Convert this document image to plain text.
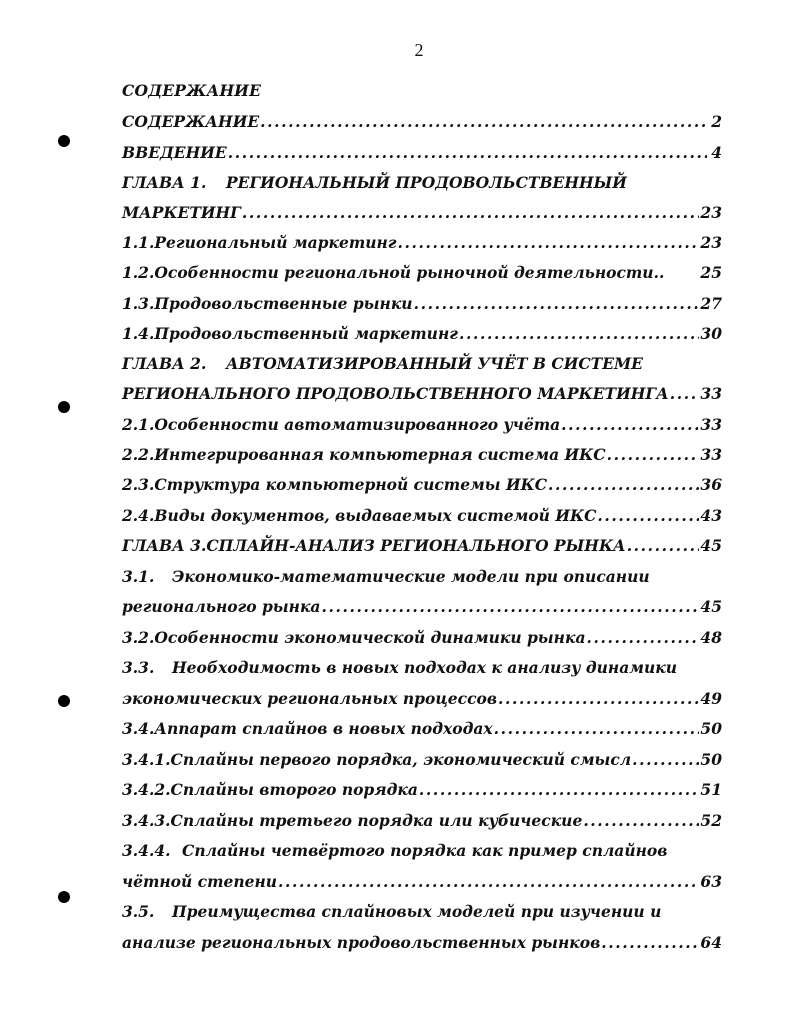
2
СОДЕРЖАНИЕ
СОДЕРЖАНИЕ .....	2
ВВЕДЕНИЕ .....	4
ГЛАВА 1.	РЕГИОНАЛЬНЫЙ ПРОДОВОЛЬСТВЕННЫЙ
МАРКЕТИНГ .....	23
1.1. Региональный маркетинг .....	23
1.2. Особенности региональной рыночной деятельности.. 25
1.3. Продовольственные рынки .....	27
1.4. Продовольственный маркетинг .....	30
ГЛАВА 2.	АВТОМАТИЗИРОВАННЫЙ УЧЁТ В СИСТЕМЕ
РЕГИОНАЛЬНОГО ПРОДОВОЛЬСТВЕННОГО МАРКЕТИНГА ..... 33
2.1. Особенности автоматизированного учёта .....	33
2.2. Интегрированная компьютерная система ИКС .....	33
2.3. Структура компьютерной системы ИКС .....	36
2.4. Виды документов, выдаваемых системой ИКС .....	43
ГЛАВА 3. СПЛАЙН-АНАЛИЗ РЕГИОНАЛЬНОГО РЫНКА .....	45
3.1.	Экономико-математические модели при описании
регионального рынка .....	45
3.2. Особенности экономической динамики рынка .....	48
3.3.	Необходимость в новых подходах к анализу динамики
экономических региональных процессов .....	49
3.4. Аппарат сплайнов в новых подходах .....	50
3.4.1. Сплайны первого порядка, экономический смысл .....	50
3.4.2. Сплайны второго порядка .....	51
3.4.3. Сплайны третьего порядка или кубические .....	52
3.4.4. Сплайны четвёртого порядка как пример сплайнов
чётной степени .....	63
3.5.	Преимущества сплайновых моделей при изучении и
анализе региональных продовольственных рынков .....	64
